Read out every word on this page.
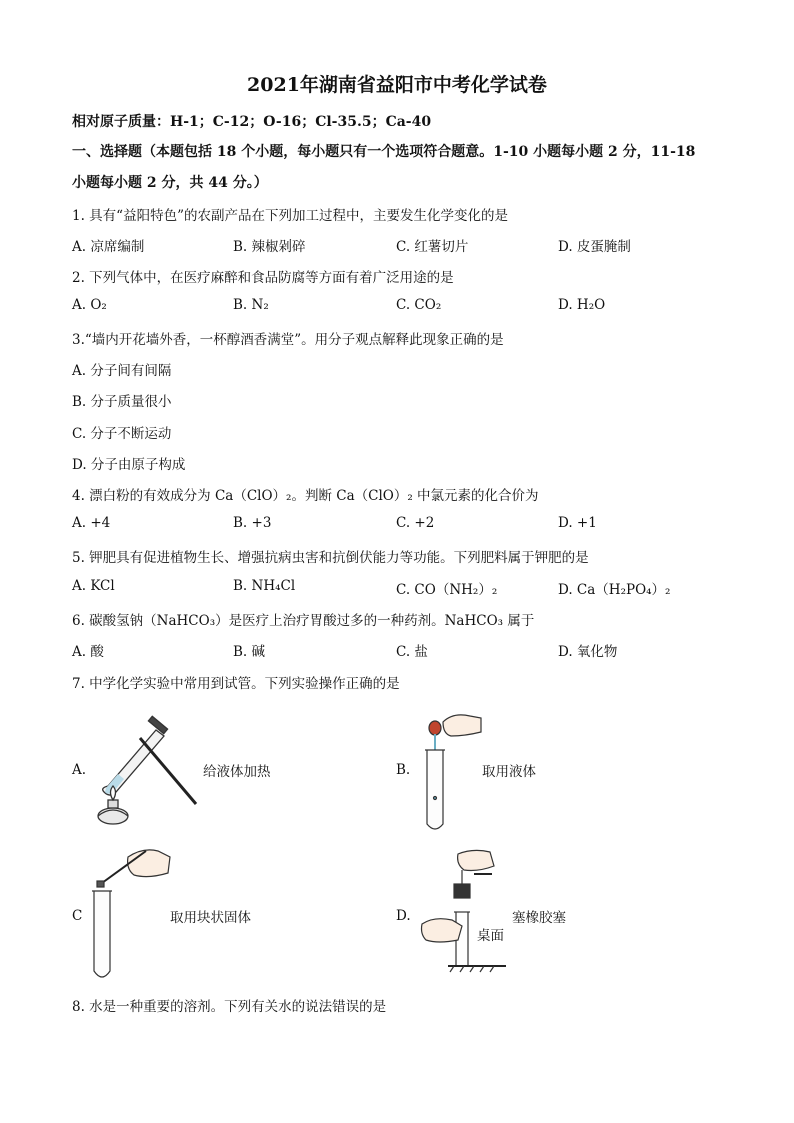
2021年湖南省益阳市中考化学试卷
相对原子质量：H-1；C-12；O-16；Cl-35.5；Ca-40
一、选择题（本题包括 18 个小题，每小题只有一个选项符合题意。1-10 小题每小题 2 分，11-18
小题每小题 2 分，共 44 分。）
1. 具有“益阳特色”的农副产品在下列加工过程中，主要发生化学变化的是
A. 凉席编制	B. 辣椒剁碎	C. 红薯切片	D. 皮蛋腌制
2. 下列气体中，在医疗麻醉和食品防腐等方面有着广泛用途的是
A. O₂	B. N₂	C. CO₂	D. H₂O
3.“墙内开花墙外香，一杯醇酒香满堂”。用分子观点解释此现象正确的是
A. 分子间有间隔
B. 分子质量很小
C. 分子不断运动
D. 分子由原子构成
4. 漂白粉的有效成分为 Ca（ClO）₂。判断 Ca（ClO）₂ 中氯元素的化合价为
A. +4	B. +3	C. +2	D. +1
5. 钾肥具有促进植物生长、增强抗病虫害和抗倒伏能力等功能。下列肥料属于钾肥的是
A. KCl	B. NH₄Cl	C. CO（NH₂）₂	D. Ca（H₂PO₄）₂
6. 碳酸氢钠（NaHCO₃）是医疗上治疗胃酸过多的一种药剂。NaHCO₃ 属于
A. 酸	B. 碱	C. 盐	D. 氧化物
7. 中学化学实验中常用到试管。下列实验操作正确的是
A.	给液体加热	B.	取用液体
C	取用块状固体	D.	塞橡胶塞
桌面
8. 水是一种重要的溶剂。下列有关水的说法错误的是
